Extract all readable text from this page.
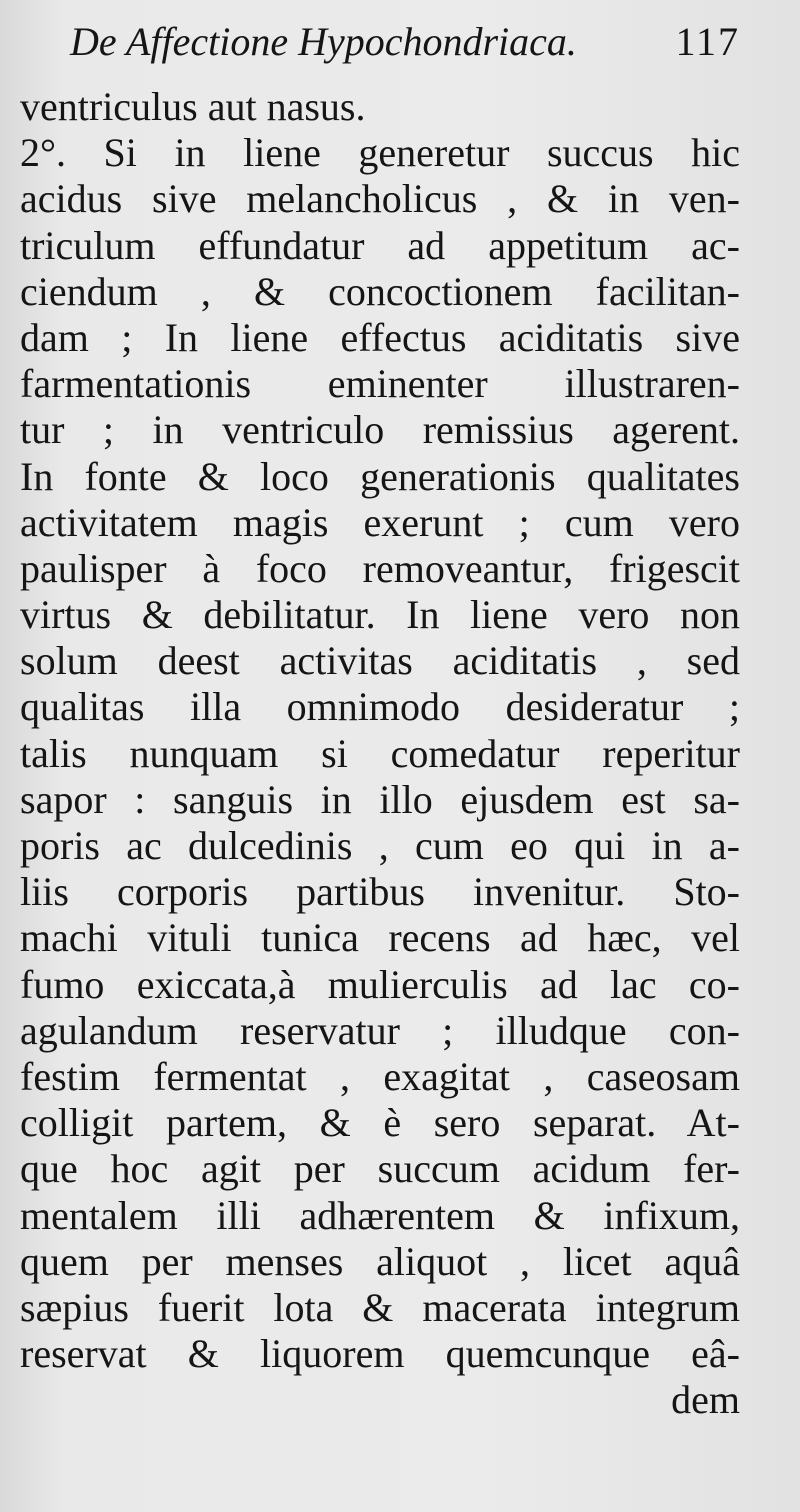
De Affectione Hypochondriaca. 117
ventriculus aut nasus.
2°. Si in liene generetur succus hic
acidus sive melancholicus , & in ven-
triculum effundatur ad appetitum ac-
ciendum , & concoctionem facilitan-
dam ; In liene effectus aciditatis sive
farmentationis eminenter illustraren-
tur ; in ventriculo remissius agerent.
In fonte & loco generationis qualitates
activitatem magis exerunt ; cum vero
paulisper à foco removeantur, frigescit
virtus & debilitatur. In liene vero non
solum deest activitas aciditatis , sed
qualitas illa omnimodo desideratur ;
talis nunquam si comedatur reperitur
sapor : sanguis in illo ejusdem est sa-
poris ac dulcedinis , cum eo qui in a-
liis corporis partibus invenitur. Sto-
machi vituli tunica recens ad hæc, vel
fumo exiccata,à mulierculis ad lac co-
agulandum reservatur ; illudque con-
festim fermentat , exagitat , caseosam
colligit partem, & è sero separat. At-
que hoc agit per succum acidum fer-
mentalem illi adhærentem & infixum,
quem per menses aliquot , licet aquâ
sæpius fuerit lota & macerata integrum
reservat & liquorem quemcunque eâ-
dem
